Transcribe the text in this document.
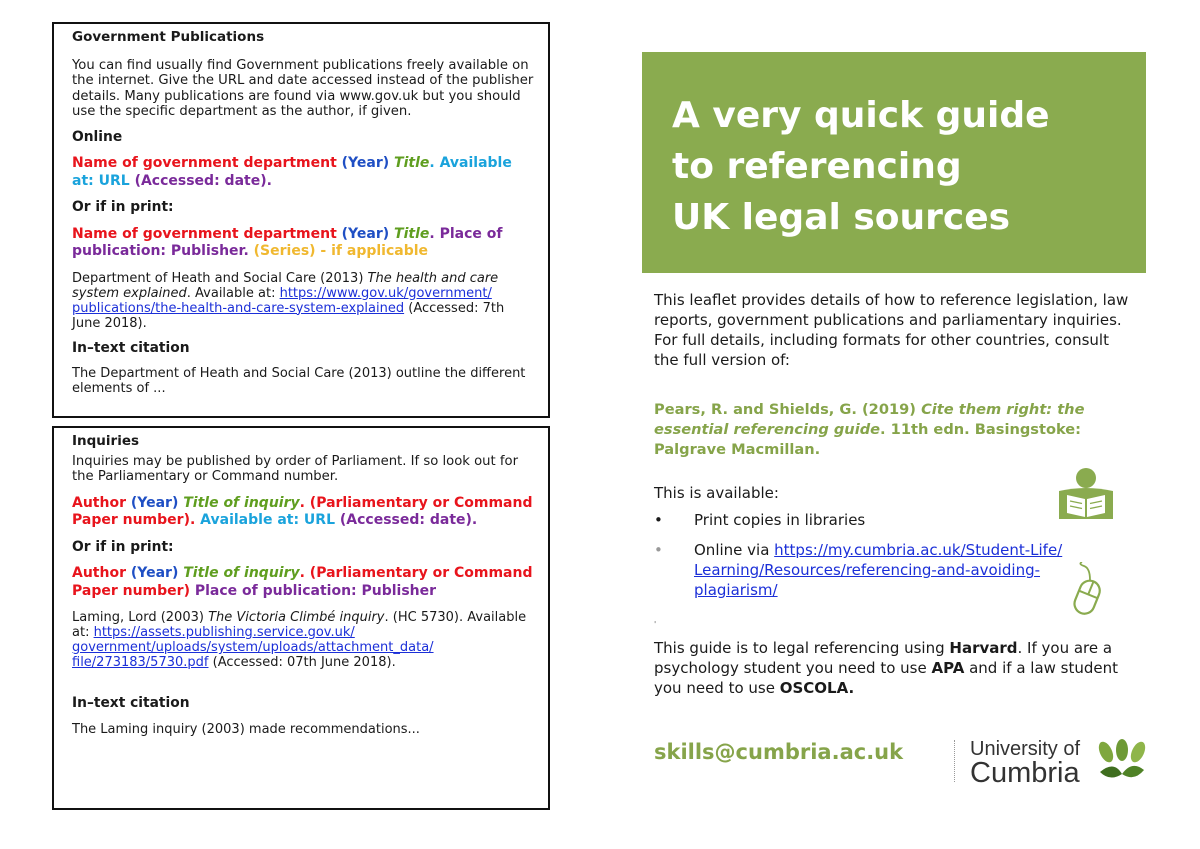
Government Publications

You can find usually find Government publications freely available on the internet. Give the URL and date accessed instead of the publisher details. Many publications are found via www.gov.uk but you should use the specific department as the author, if given.

Online

Name of government department (Year) Title. Available at: URL (Accessed: date).

Or if in print:

Name of government department (Year) Title. Place of publication: Publisher. (Series) - if applicable

Department of Heath and Social Care (2013) The health and care system explained. Available at: https://www.gov.uk/government/
publications/the-health-and-care-system-explained (Accessed: 7th June 2018).

In–text citation

The Department of Heath and Social Care (2013) outline the different elements of ...

Inquiries

Inquiries may be published by order of Parliament. If so look out for the Parliamentary or Command number.

Author (Year) Title of inquiry. (Parliamentary or Command Paper number). Available at: URL (Accessed: date).

Or if in print:

Author (Year) Title of inquiry. (Parliamentary or Command Paper number) Place of publication: Publisher

Laming, Lord (2003) The Victoria Climbé inquiry. (HC 5730). Available at: https://assets.publishing.service.gov.uk/
government/uploads/system/uploads/attachment_data/
file/273183/5730.pdf (Accessed: 07th June 2018).

In–text citation

The Laming inquiry (2003) made recommendations...

A very quick guide
to referencing
UK legal sources
This leaflet provides details of how to reference legislation, law reports, government publications and parliamentary inquiries. For full details, including formats for other countries, consult the full version of:
Pears, R. and Shields, G. (2019) Cite them right: the essential referencing guide. 11th edn. Basingstoke: Palgrave Macmillan.
This is available:
• Print copies in libraries
• Online via https://my.cumbria.ac.uk/Student-Life/
Learning/Resources/referencing-and-avoiding-
plagiarism/
'
This guide is to legal referencing using Harvard. If you are a psychology student you need to use APA and if a law student you need to use OSCOLA.
skills@cumbria.ac.uk	University of
Cumbria
